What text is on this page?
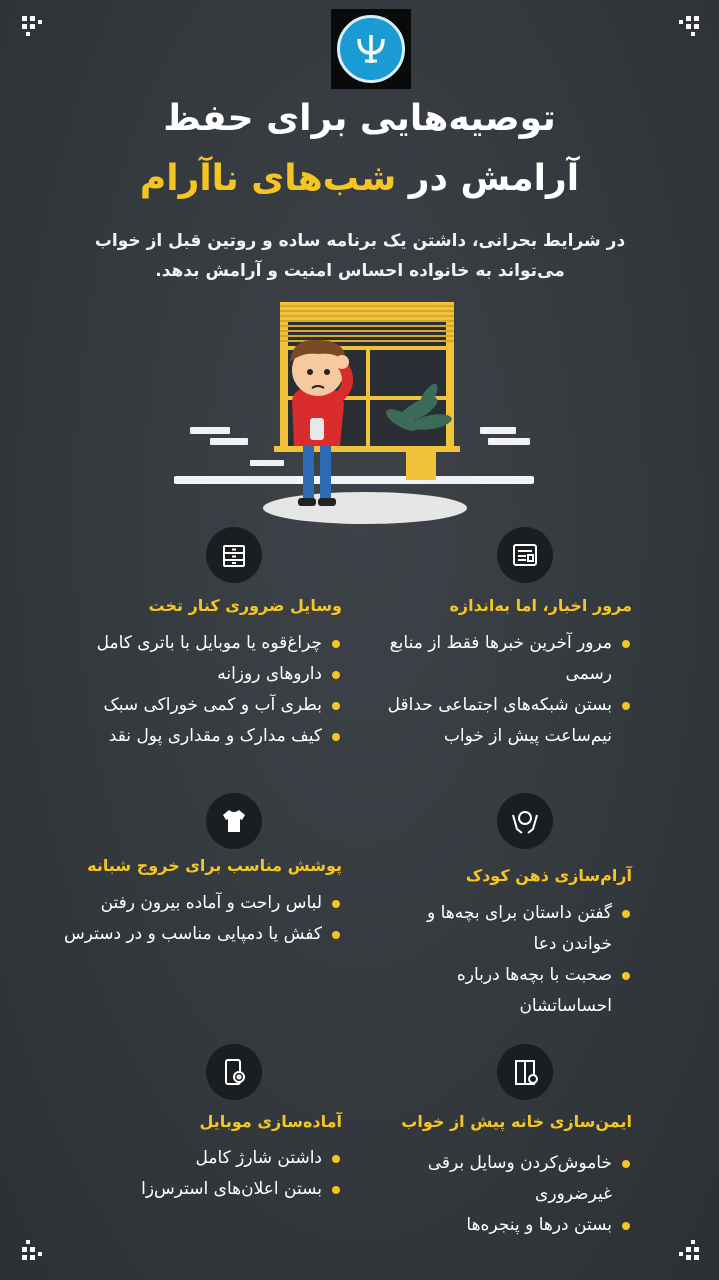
توصیه‌هایی برای حفظ
آرامش در شب‌های ناآرام
در شرایط بحرانی، داشتن یک برنامه ساده و روتین قبل از خواب می‌تواند به خانواده احساس امنیت و آرامش بدهد.
مرور اخبار، اما به‌اندازه
مرور آخرین خبرها فقط از منابع رسمی
بستن شبکه‌های اجتماعی حداقل نیم‌ساعت پیش از خواب
وسایل ضروری کنار تخت
چراغ‌قوه یا موبایل با باتری کامل
داروهای روزانه
بطری آب و کمی خوراکی سبک
کیف مدارک و مقداری پول نقد
آرام‌سازی ذهن کودک
گفتن داستان برای بچه‌ها و خواندن دعا
صحبت با بچه‌ها درباره احساساتشان
پوشش مناسب برای خروج شبانه
لباس راحت و آماده بیرون رفتن
کفش یا دمپایی مناسب و در دسترس
ایمن‌سازی خانه پیش از خواب
خاموش‌کردن وسایل برقی غیرضروری
بستن درها و پنجره‌ها
آماده‌سازی موبایل
داشتن شارژ کامل
بستن اعلان‌های استرس‌زا
